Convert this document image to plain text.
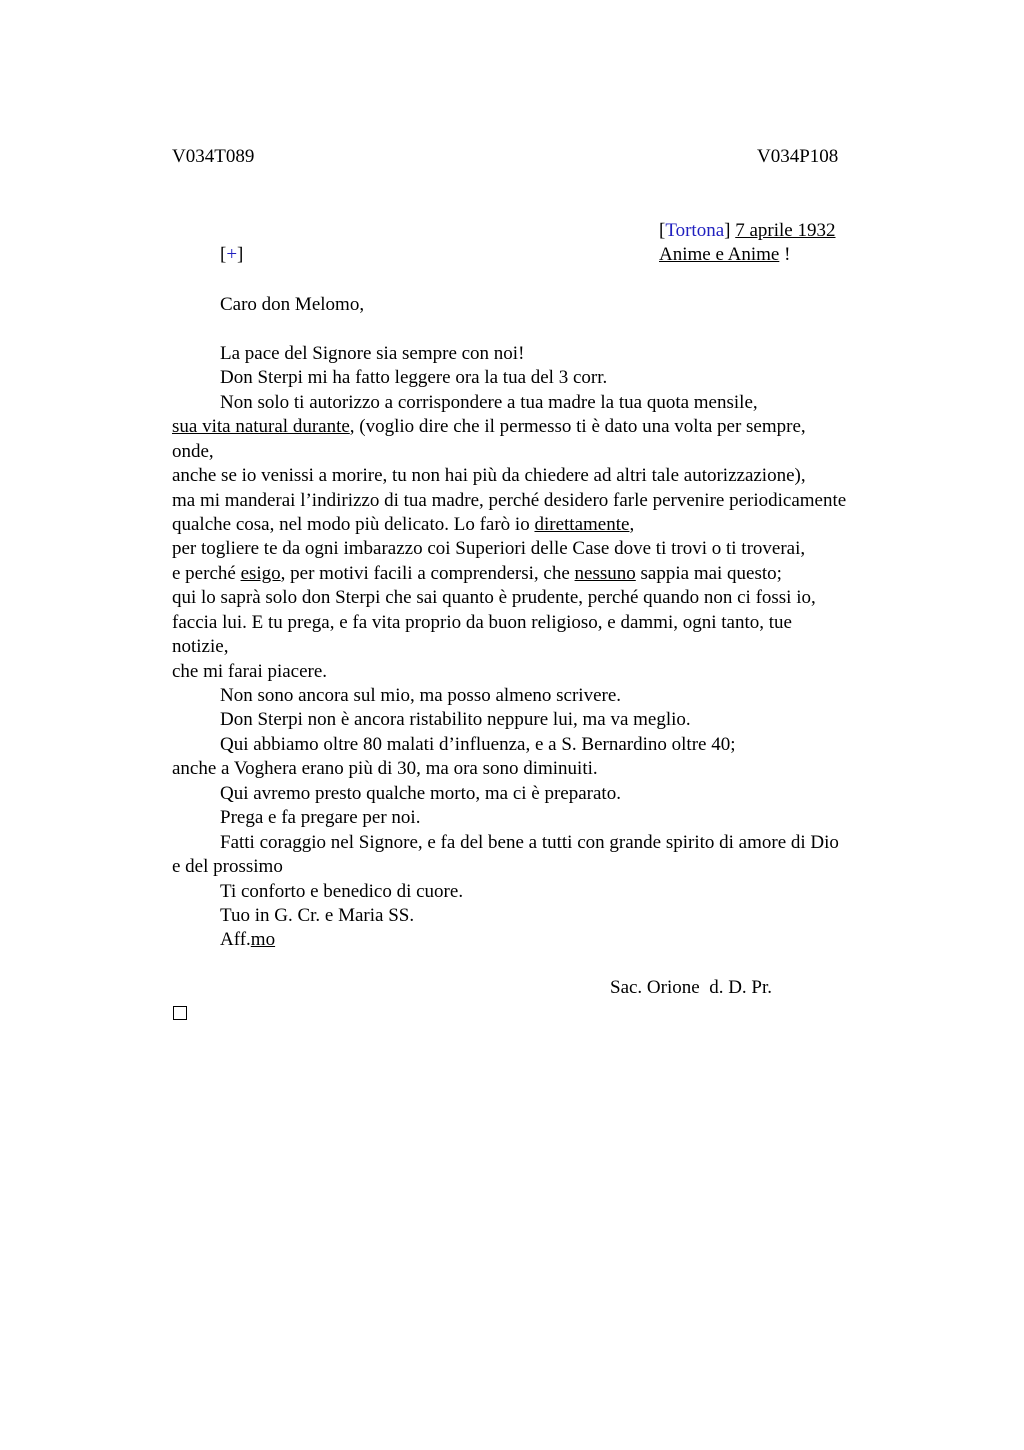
V034T089	V034P108
[Tortona] 7 aprile 1932
[+]	Anime e Anime !
Caro don Melomo,
La pace del Signore sia sempre con noi!
Don Sterpi mi ha fatto leggere ora la tua del 3 corr.
Non solo ti autorizzo a corrispondere a tua madre la tua quota mensile,
sua vita natural durante, (voglio dire che il permesso ti è dato una volta per sempre,
onde,
anche se io venissi a morire, tu non hai più da chiedere ad altri tale autorizzazione),
ma mi manderai l’indirizzo di tua madre, perché desidero farle pervenire periodicamente
qualche cosa, nel modo più delicato. Lo farò io direttamente,
per togliere te da ogni imbarazzo coi Superiori delle Case dove ti trovi o ti troverai,
e perché esigo, per motivi facili a comprendersi, che nessuno sappia mai questo;
qui lo saprà solo don Sterpi che sai quanto è prudente, perché quando non ci fossi io,
faccia lui. E tu prega, e fa vita proprio da buon religioso, e dammi, ogni tanto, tue
notizie,
che mi farai piacere.
Non sono ancora sul mio, ma posso almeno scrivere.
Don Sterpi non è ancora ristabilito neppure lui, ma va meglio.
Qui abbiamo oltre 80 malati d’influenza, e a S. Bernardino oltre 40;
anche a Voghera erano più di 30, ma ora sono diminuiti.
Qui avremo presto qualche morto, ma ci è preparato.
Prega e fa pregare per noi.
Fatti coraggio nel Signore, e fa del bene a tutti con grande spirito di amore di Dio
e del prossimo
Ti conforto e benedico di cuore.
Tuo in G. Cr. e Maria SS.
Aff.mo
Sac. Orione  d. D. Pr.
